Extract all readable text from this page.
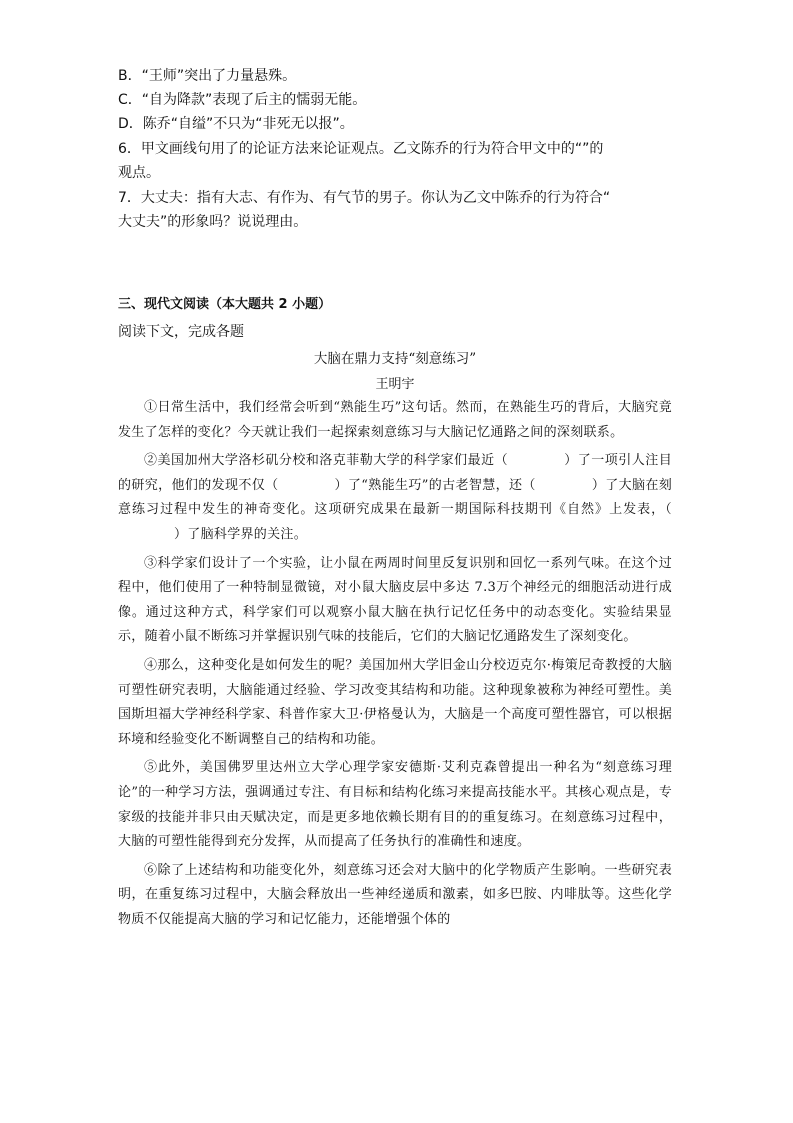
B．“王师”突出了力量悬殊。
C．“自为降款”表现了后主的懦弱无能。
D．陈乔“自缢”不只为“非死无以报”。
6．甲文画线句用了的论证方法来论证观点。乙文陈乔的行为符合甲文中的“”的
观点。
7．大丈夫：指有大志、有作为、有气节的男子。你认为乙文中陈乔的行为符合“
大丈夫”的形象吗？说说理由。
三、现代文阅读（本大题共 2 小题）
阅读下文，完成各题
大脑在鼎力支持“刻意练习”
王明宇

①日常生活中，我们经常会听到“熟能生巧”这句话。然而，在熟能生巧的背后，大脑究竟发生了怎样的变化？今天就让我们一起探索刻意练习与大脑记忆通路之间的深刻联系。

②美国加州大学洛杉矶分校和洛克菲勒大学的科学家们最近（	）了一项引人注目的研究，他们的发现不仅（	）了“熟能生巧”的古老智慧，还（	）了大脑在刻意练习过程中发生的神奇变化。这项研究成果在最新一期国际科技期刊《自然》上发表，（）了脑科学界的关注。

③科学家们设计了一个实验，让小鼠在两周时间里反复识别和回忆一系列气味。在这个过程中，他们使用了一种特制显微镜，对小鼠大脑皮层中多达 7.3万个神经元的细胞活动进行成像。通过这种方式，科学家们可以观察小鼠大脑在执行记忆任务中的动态变化。实验结果显示，随着小鼠不断练习并掌握识别气味的技能后，它们的大脑记忆通路发生了深刻变化。

④那么，这种变化是如何发生的呢？美国加州大学旧金山分校迈克尔·梅策尼奇教授的大脑可塑性研究表明，大脑能通过经验、学习改变其结构和功能。这种现象被称为神经可塑性。美国斯坦福大学神经科学家、科普作家大卫·伊格曼认为，大脑是一个高度可塑性器官，可以根据环境和经验变化不断调整自己的结构和功能。

⑤此外，美国佛罗里达州立大学心理学家安德斯·艾利克森曾提出一种名为“刻意练习理论”的一种学习方法，强调通过专注、有目标和结构化练习来提高技能水平。其核心观点是，专家级的技能并非只由天赋决定，而是更多地依赖长期有目的的重复练习。在刻意练习过程中，大脑的可塑性能得到充分发挥，从而提高了任务执行的准确性和速度。

⑥除了上述结构和功能变化外，刻意练习还会对大脑中的化学物质产生影响。一些研究表明，在重复练习过程中，大脑会释放出一些神经递质和激素，如多巴胺、内啡肽等。这些化学物质不仅能提高大脑的学习和记忆能力，还能增强个体的
